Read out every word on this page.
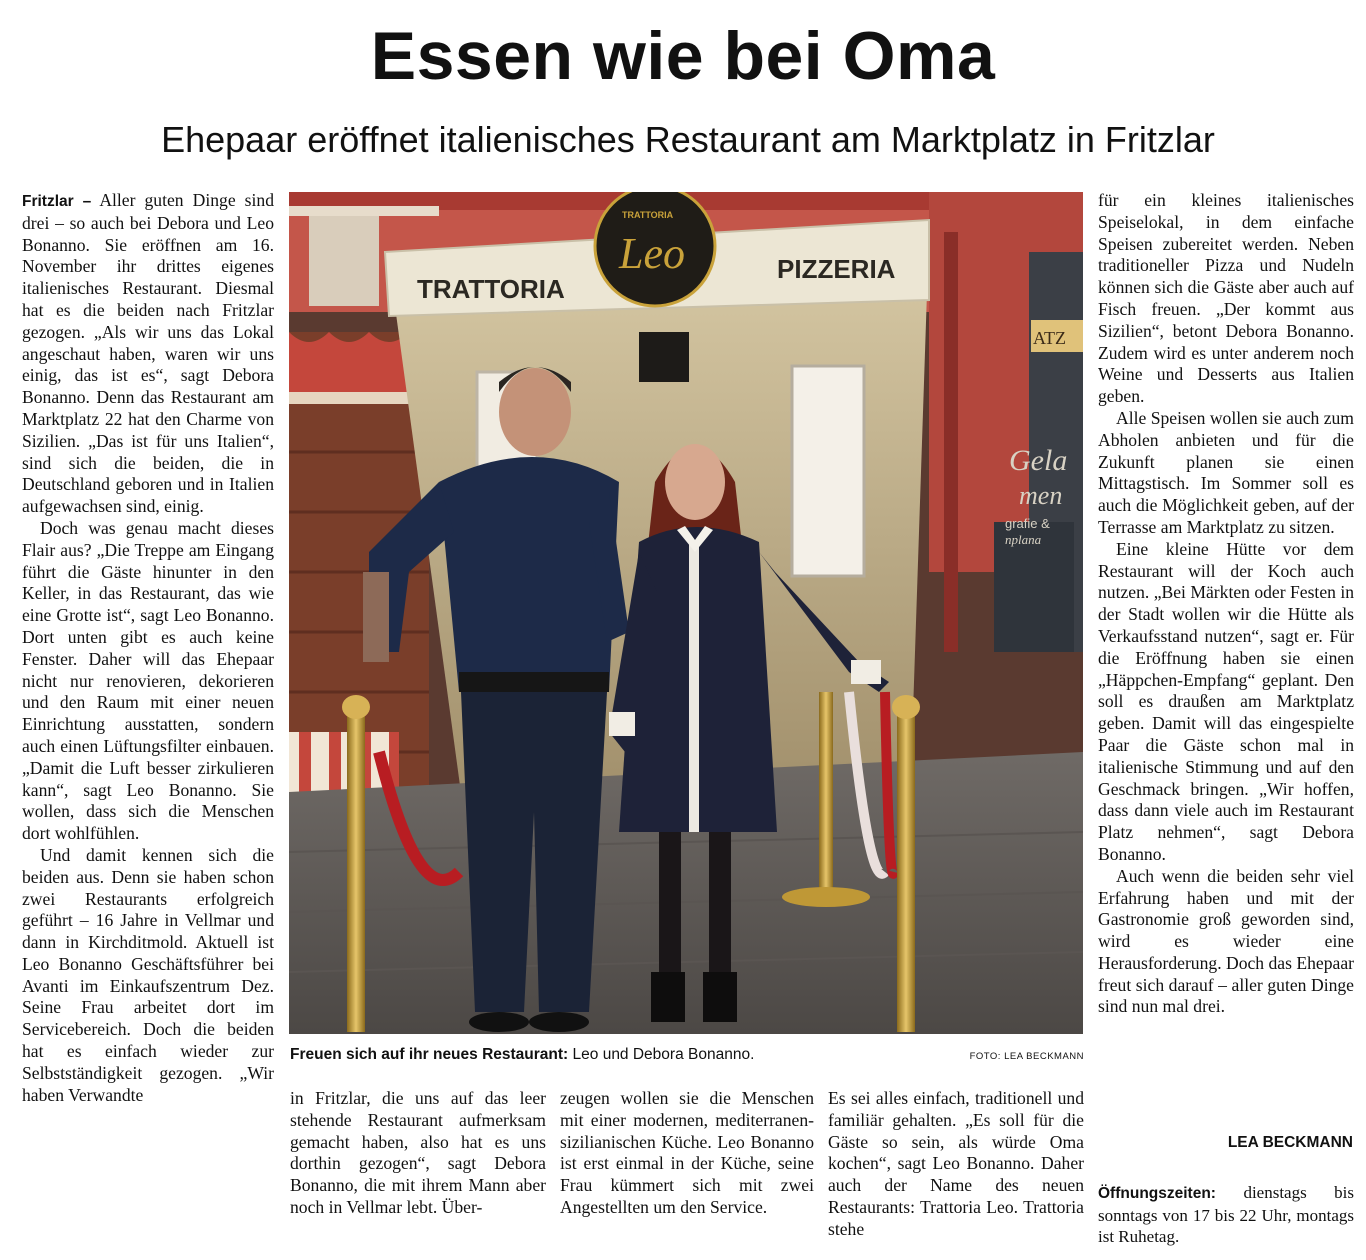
Essen wie bei Oma
Ehepaar eröffnet italienisches Restaurant am Marktplatz in Fritzlar

Fritzlar – Aller guten Dinge sind drei – so auch bei Debora und Leo Bonanno. Sie eröffnen am 16. November ihr drittes eigenes italienisches Restaurant. Diesmal hat es die beiden nach Fritzlar gezogen. „Als wir uns das Lokal angeschaut haben, waren wir uns einig, das ist es“, sagt Debora Bonanno. Denn das Restaurant am Marktplatz 22 hat den Charme von Sizilien. „Das ist für uns Italien“, sind sich die beiden, die in Deutschland geboren und in Italien aufgewachsen sind, einig.

Doch was genau macht dieses Flair aus? „Die Treppe am Eingang führt die Gäste hinunter in den Keller, in das Restaurant, das wie eine Grotte ist“, sagt Leo Bonanno. Dort unten gibt es auch keine Fenster. Daher will das Ehepaar nicht nur renovieren, dekorieren und den Raum mit einer neuen Einrichtung ausstatten, sondern auch einen Lüftungsfilter einbauen. „Damit die Luft besser zirkulieren kann“, sagt Leo Bonanno. Sie wollen, dass sich die Menschen dort wohlfühlen.

Und damit kennen sich die beiden aus. Denn sie haben schon zwei Restaurants erfolgreich geführt – 16 Jahre in Vellmar und dann in Kirchditmold. Aktuell ist Leo Bonanno Geschäftsführer bei Avanti im Einkaufszentrum Dez. Seine Frau arbeitet dort im Servicebereich. Doch die beiden hat es einfach wieder zur Selbstständigkeit gezogen. „Wir haben Verwandte

Gela
men
grafie &
nplana
ATZ
TRATTORIA
PIZZERIA
TRATTORIA
Leo
Freuen sich auf ihr neues Restaurant: Leo und Debora Bonanno.	FOTO: LEA BECKMANN

in Fritzlar, die uns auf das leer stehende Restaurant aufmerksam gemacht haben, also hat es uns dorthin gezogen“, sagt Debora Bonanno, die mit ihrem Mann aber noch in Vellmar lebt. Über-

zeugen wollen sie die Menschen mit einer modernen, mediterranen-sizilianischen Küche. Leo Bonanno ist erst einmal in der Küche, seine Frau kümmert sich mit zwei Angestellten um den Service.

Es sei alles einfach, traditionell und familiär gehalten. „Es soll für die Gäste so sein, als würde Oma kochen“, sagt Leo Bonanno. Daher auch der Name des neuen Restaurants: Trattoria Leo. Trattoria stehe

für ein kleines italienisches Speiselokal, in dem einfache Speisen zubereitet werden. Neben traditioneller Pizza und Nudeln können sich die Gäste aber auch auf Fisch freuen. „Der kommt aus Sizilien“, betont Debora Bonanno. Zudem wird es unter anderem noch Weine und Desserts aus Italien geben.

Alle Speisen wollen sie auch zum Abholen anbieten und für die Zukunft planen sie einen Mittagstisch. Im Sommer soll es auch die Möglichkeit geben, auf der Terrasse am Marktplatz zu sitzen.

Eine kleine Hütte vor dem Restaurant will der Koch auch nutzen. „Bei Märkten oder Festen in der Stadt wollen wir die Hütte als Verkaufsstand nutzen“, sagt er. Für die Eröffnung haben sie einen „Häppchen-Empfang“ geplant. Den soll es draußen am Marktplatz geben. Damit will das eingespielte Paar die Gäste schon mal in italienische Stimmung und auf den Geschmack bringen. „Wir hoffen, dass dann viele auch im Restaurant Platz nehmen“, sagt Debora Bonanno.

Auch wenn die beiden sehr viel Erfahrung haben und mit der Gastronomie groß geworden sind, wird es wieder eine Herausforderung. Doch das Ehepaar freut sich darauf – aller guten Dinge sind nun mal drei.

LEA BECKMANN
Öffnungszeiten: dienstags bis sonntags von 17 bis 22 Uhr, montags ist Ruhetag.
